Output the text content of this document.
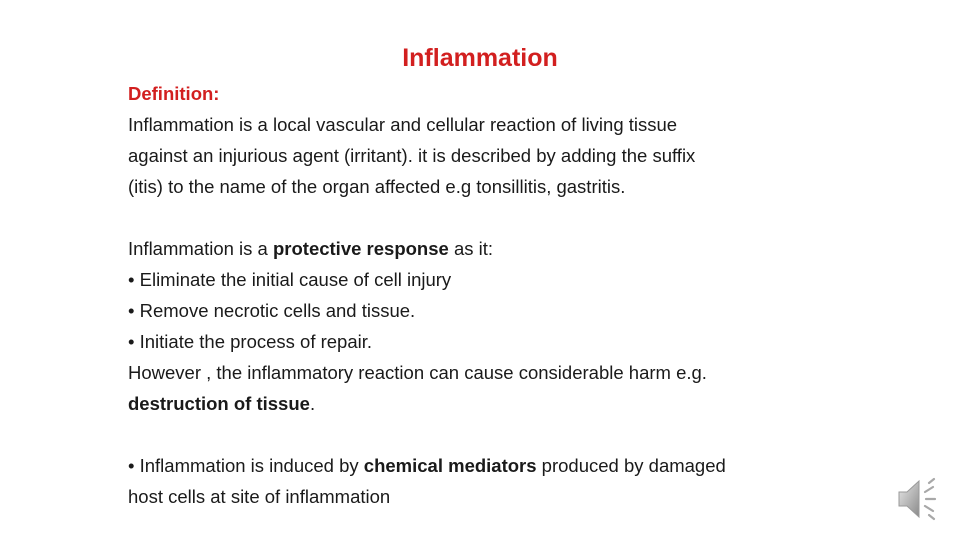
Inflammation
Definition:
Inflammation is a local vascular and cellular reaction of living tissue
against an injurious agent (irritant). it is described by adding the suffix
(itis) to the name of the organ affected e.g tonsillitis, gastritis.
Inflammation is a protective response as it:
• Eliminate the initial cause of cell injury
• Remove necrotic cells and tissue.
• Initiate the process of repair.
However , the inflammatory reaction can cause considerable harm e.g.
destruction of tissue.
• Inflammation is induced by chemical mediators produced by damaged
host cells at site of inflammation
